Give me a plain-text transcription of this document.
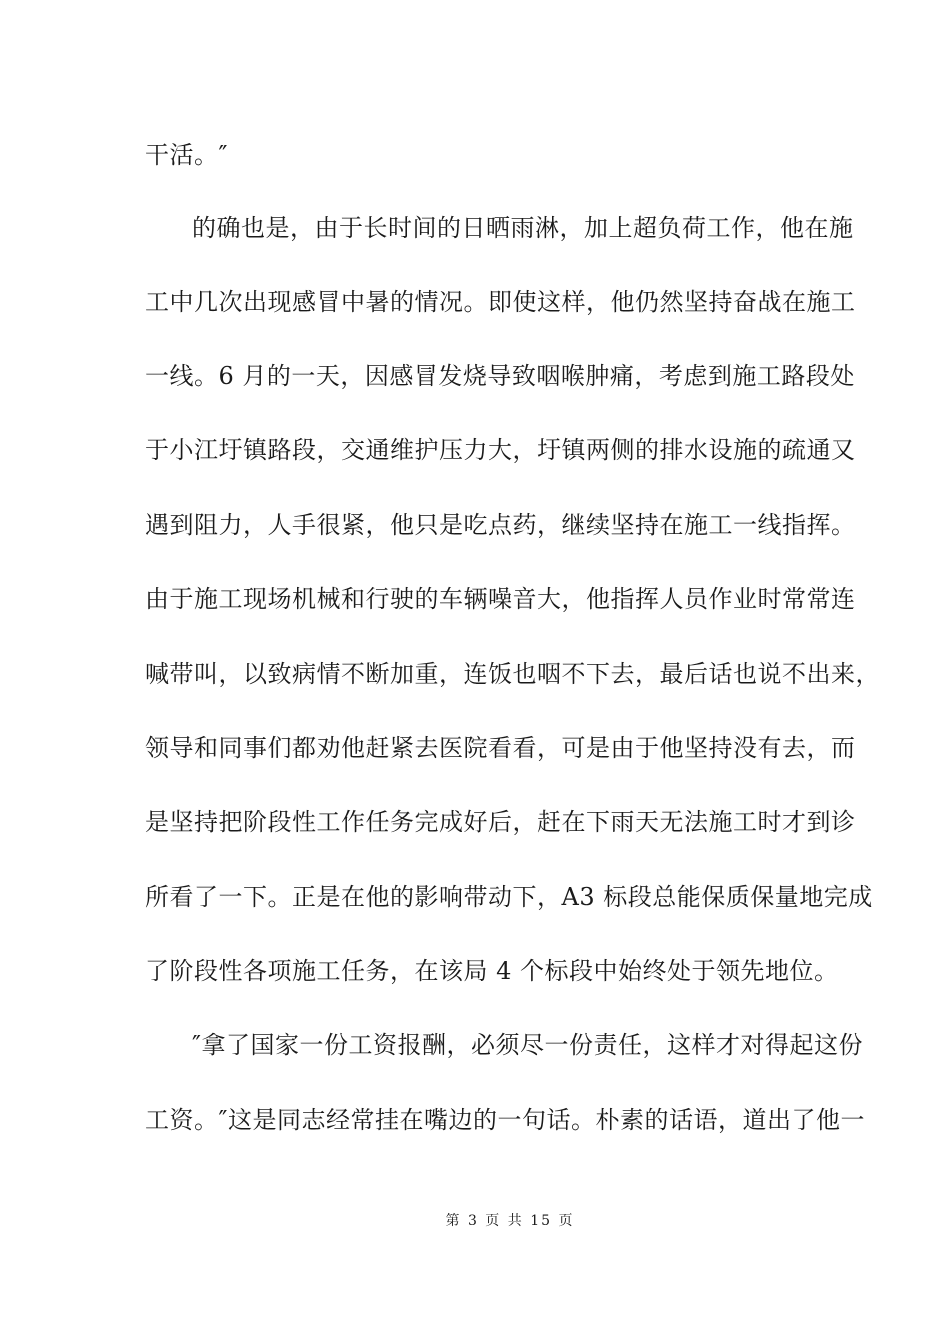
干活。″
的确也是，由于长时间的日晒雨淋，加上超负荷工作，他在施
工中几次出现感冒中暑的情况。即使这样，他仍然坚持奋战在施工
一线。6 月的一天，因感冒发烧导致咽喉肿痛，考虑到施工路段处
于小江圩镇路段，交通维护压力大，圩镇两侧的排水设施的疏通又
遇到阻力，人手很紧，他只是吃点药，继续坚持在施工一线指挥。
由于施工现场机械和行驶的车辆噪音大，他指挥人员作业时常常连
喊带叫，以致病情不断加重，连饭也咽不下去，最后话也说不出来，
领导和同事们都劝他赶紧去医院看看，可是由于他坚持没有去，而
是坚持把阶段性工作任务完成好后，赶在下雨天无法施工时才到诊
所看了一下。正是在他的影响带动下，A3 标段总能保质保量地完成
了阶段性各项施工任务，在该局 4 个标段中始终处于领先地位。
″拿了国家一份工资报酬，必须尽一份责任，这样才对得起这份
工资。″这是同志经常挂在嘴边的一句话。朴素的话语，道出了他一
第 3 页 共 15 页
